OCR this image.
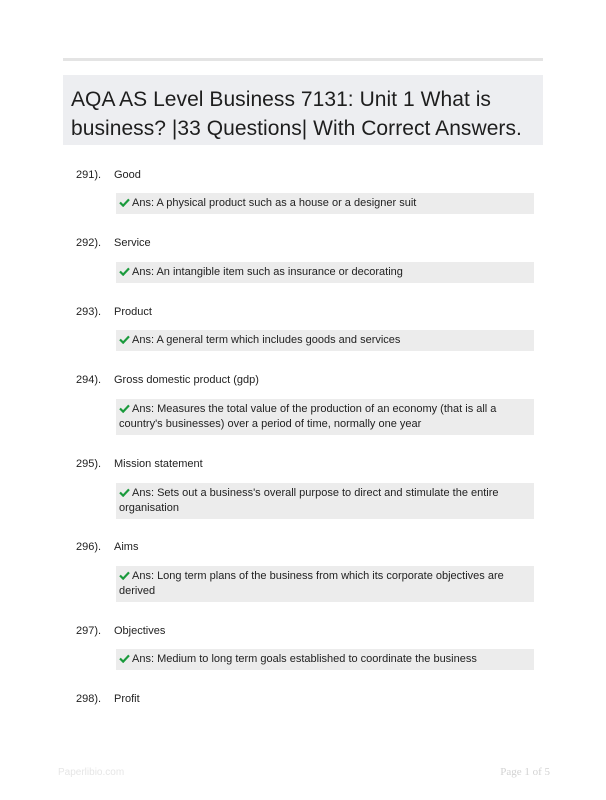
AQA AS Level Business 7131: Unit 1 What is business? |33 Questions| With Correct Answers.
291). Good
Ans: A physical product such as a house or a designer suit
292). Service
Ans: An intangible item such as insurance or decorating
293). Product
Ans: A general term which includes goods and services
294). Gross domestic product (gdp)
Ans: Measures the total value of the production of an economy (that is all a country's businesses) over a period of time, normally one year
295). Mission statement
Ans: Sets out a business's overall purpose to direct and stimulate the entire organisation
296). Aims
Ans: Long term plans of the business from which its corporate objectives are derived
297). Objectives
Ans: Medium to long term goals established to coordinate the business
298). Profit
Paperlibio.com	Page 1 of 5
